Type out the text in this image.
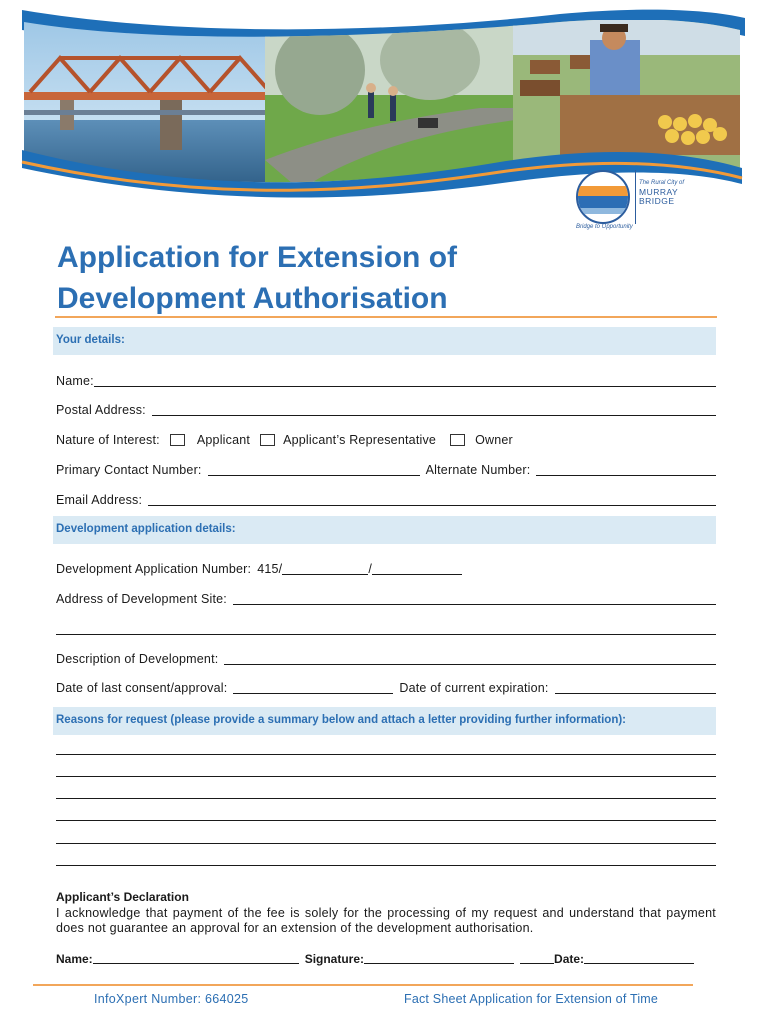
The Rural City of
MURRAY
BRIDGE
Bridge to Opportunity
Application for Extension of
Development Authorisation
Your details:
Name:
Postal Address:
Nature of Interest:	Applicant	Applicant’s Representative	Owner
Primary Contact Number:	Alternate Number:
Email Address:
Development application details:
Development Application Number: 415/	/
Address of Development Site:
Description of Development:
Date of last consent/approval:	Date of current expiration:
Reasons for request (please provide a summary below and attach a letter providing further information):
Applicant’s Declaration
I acknowledge that payment of the fee is solely for the processing of my request and understand that payment does not guarantee an approval for an extension of the development authorisation.
Name:	Signature:	Date:
InfoXpert Number: 664025	Fact Sheet Application for Extension of Time
